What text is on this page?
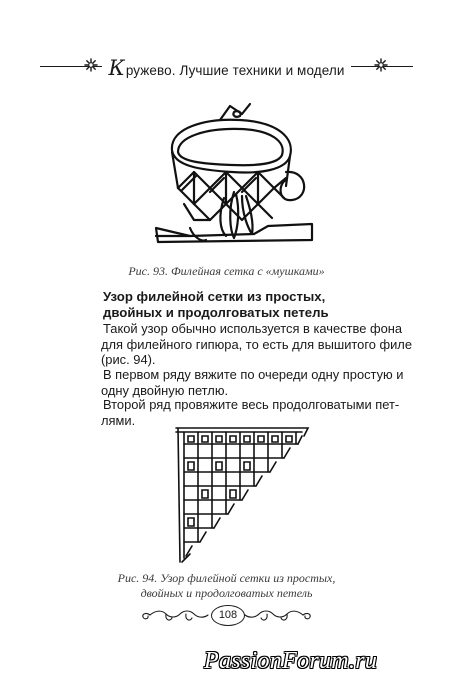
Кружево. Лучшие техники и модели
Рис. 93. Филейная сетка с «мушками»
Узор филейной сетки из простых,
двойных и продолговатых петель
Такой узор обычно используется в качестве фона
для филейного гипюра, то есть для вышитого филе
(рис. 94).
В первом ряду вяжите по очереди одну простую и
одну двойную петлю.
Второй ряд провяжите весь продолговатыми пет-
лями.
Рис. 94. Узор филейной сетки из простых,
двойных и продолговатых петель
108
PassionForum.ru
